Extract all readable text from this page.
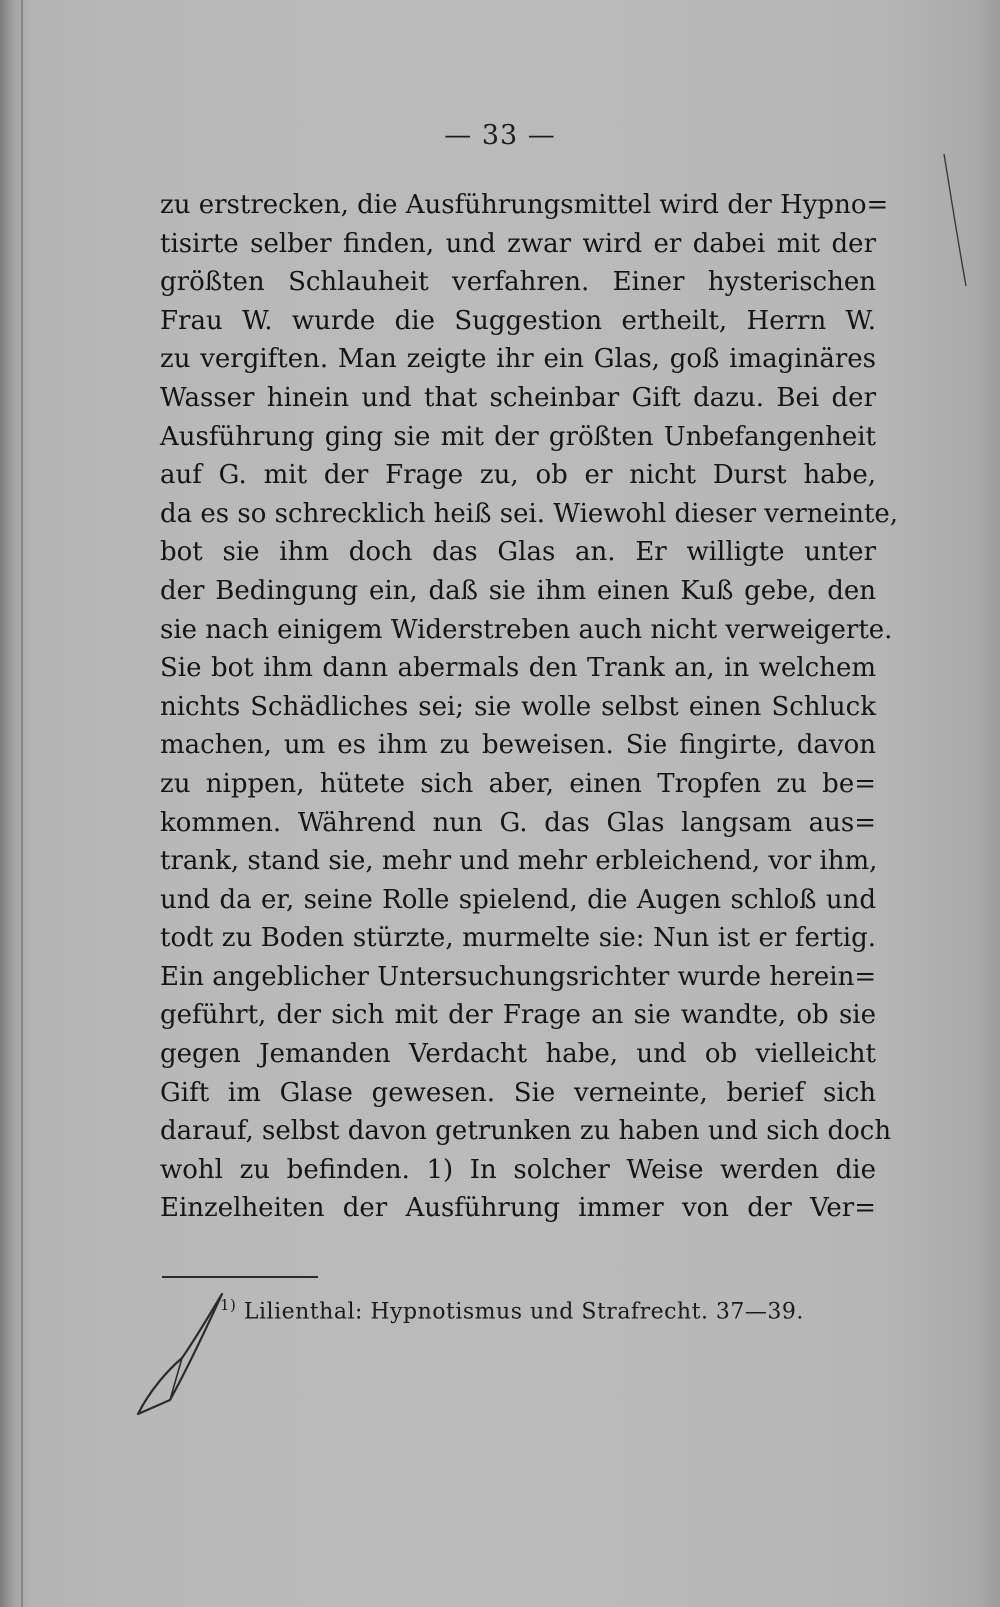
— 33 —
zu erstrecken, die Ausführungsmittel wird der Hypno=
tisirte selber finden, und zwar wird er dabei mit der
größten Schlauheit verfahren. Einer hysterischen
Frau W. wurde die Suggestion ertheilt, Herrn W.
zu vergiften. Man zeigte ihr ein Glas, goß imaginäres
Wasser hinein und that scheinbar Gift dazu. Bei der
Ausführung ging sie mit der größten Unbefangenheit
auf G. mit der Frage zu, ob er nicht Durst habe,
da es so schrecklich heiß sei. Wiewohl dieser verneinte,
bot sie ihm doch das Glas an. Er willigte unter
der Bedingung ein, daß sie ihm einen Kuß gebe, den
sie nach einigem Widerstreben auch nicht verweigerte.
Sie bot ihm dann abermals den Trank an, in welchem
nichts Schädliches sei; sie wolle selbst einen Schluck
machen, um es ihm zu beweisen. Sie fingirte, davon
zu nippen, hütete sich aber, einen Tropfen zu be=
kommen. Während nun G. das Glas langsam aus=
trank, stand sie, mehr und mehr erbleichend, vor ihm,
und da er, seine Rolle spielend, die Augen schloß und
todt zu Boden stürzte, murmelte sie: Nun ist er fertig.
Ein angeblicher Untersuchungsrichter wurde herein=
geführt, der sich mit der Frage an sie wandte, ob sie
gegen Jemanden Verdacht habe, und ob vielleicht
Gift im Glase gewesen. Sie verneinte, berief sich
darauf, selbst davon getrunken zu haben und sich doch
wohl zu befinden. 1) In solcher Weise werden die
Einzelheiten der Ausführung immer von der Ver=
$^{1)}$ Lilienthal: Hypnotismus und Strafrecht. 37—39.
